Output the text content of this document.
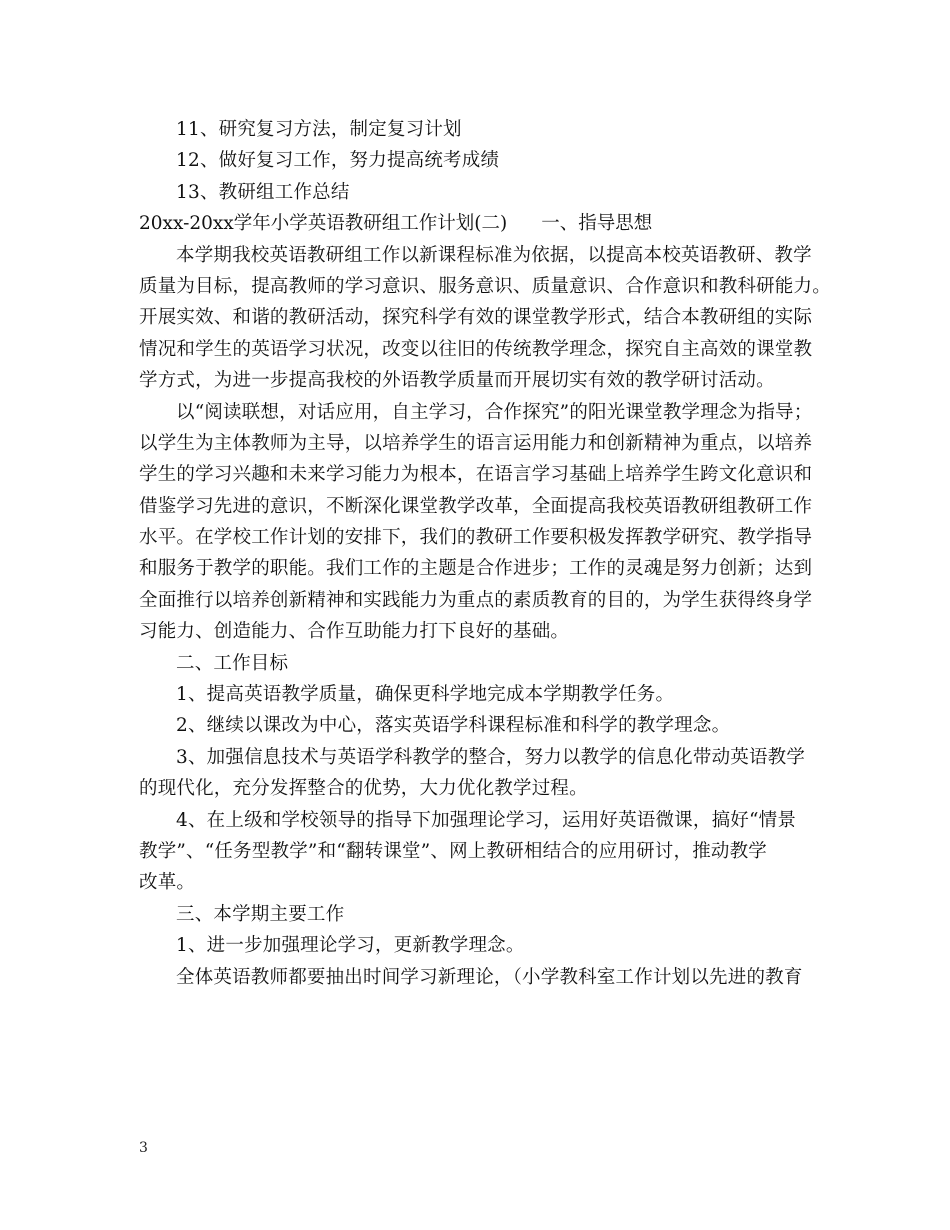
11、研究复习方法，制定复习计划
12、做好复习工作，努力提高统考成绩
13、教研组工作总结
20xx-20xx学年小学英语教研组工作计划(二) 一、指导思想
本学期我校英语教研组工作以新课程标准为依据，以提高本校英语教研、教学
质量为目标，提高教师的学习意识、服务意识、质量意识、合作意识和教科研能力。
开展实效、和谐的教研活动，探究科学有效的课堂教学形式，结合本教研组的实际
情况和学生的英语学习状况，改变以往旧的传统教学理念，探究自主高效的课堂教
学方式，为进一步提高我校的外语教学质量而开展切实有效的教学研讨活动。
以“阅读联想，对话应用，自主学习，合作探究”的阳光课堂教学理念为指导；
以学生为主体教师为主导，以培养学生的语言运用能力和创新精神为重点，以培养
学生的学习兴趣和未来学习能力为根本，在语言学习基础上培养学生跨文化意识和
借鉴学习先进的意识，不断深化课堂教学改革，全面提高我校英语教研组教研工作
水平。在学校工作计划的安排下，我们的教研工作要积极发挥教学研究、教学指导
和服务于教学的职能。我们工作的主题是合作进步；工作的灵魂是努力创新；达到
全面推行以培养创新精神和实践能力为重点的素质教育的目的，为学生获得终身学
习能力、创造能力、合作互助能力打下良好的基础。
二、工作目标
1、提高英语教学质量，确保更科学地完成本学期教学任务。
2、继续以课改为中心，落实英语学科课程标准和科学的教学理念。
3、加强信息技术与英语学科教学的整合，努力以教学的信息化带动英语教学
的现代化，充分发挥整合的优势，大力优化教学过程。
4、在上级和学校领导的指导下加强理论学习，运用好英语微课，搞好“情景
教学”、“任务型教学”和“翻转课堂”、网上教研相结合的应用研讨，推动教学
改革。
三、本学期主要工作
1、进一步加强理论学习，更新教学理念。
全体英语教师都要抽出时间学习新理论，（小学教科室工作计划以先进的教育
3
